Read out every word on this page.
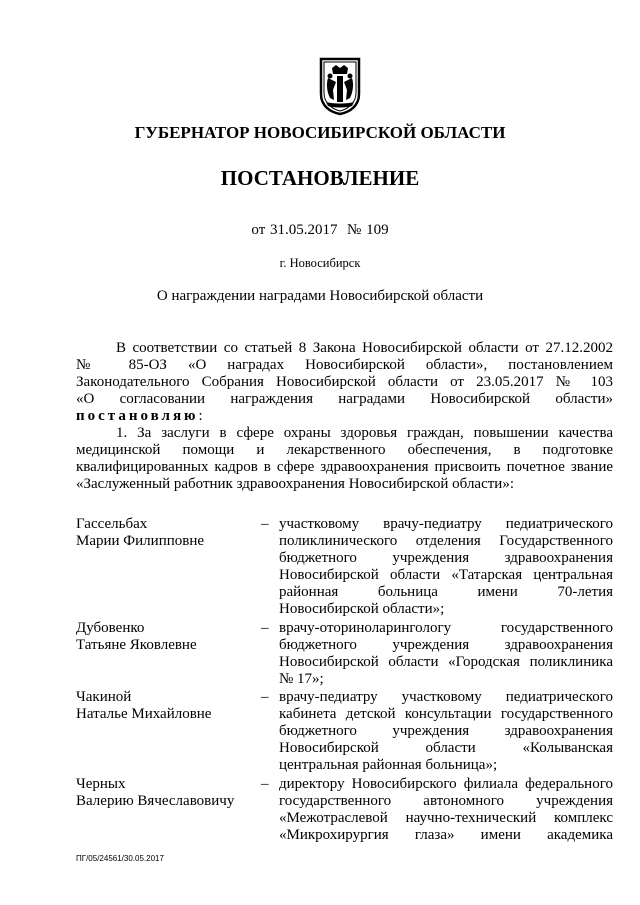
ГУБЕРНАТОР НОВОСИБИРСКОЙ ОБЛАСТИ
ПОСТАНОВЛЕНИЕ
от 31.05.2017  № 109
г. Новосибирск
О награждении наградами Новосибирской области
В соответствии со статьей 8 Закона Новосибирской области от 27.12.2002
№ 85-ОЗ «О наградах Новосибирской области», постановлением
Законодательного Собрания Новосибирской области от 23.05.2017 № 103
«О согласовании награждения наградами Новосибирской области»
постановляю:
1. За заслуги в сфере охраны здоровья граждан, повышении качества
медицинской помощи и лекарственного обеспечения, в подготовке
квалифицированных кадров в сфере здравоохранения присвоить почетное звание
«Заслуженный работник здравоохранения Новосибирской области»:
Гассельбах
Марии Филипповне
– участковому врачу-педиатру педиатрического
поликлинического отделения Государственного
бюджетного учреждения здравоохранения
Новосибирской области «Татарская центральная
районная больница имени 70-летия
Новосибирской области»;
Дубовенко
Татьяне Яковлевне
– врачу-оториноларингологу государственного
бюджетного учреждения здравоохранения
Новосибирской области «Городская поликлиника
№ 17»;
Чакиной
Наталье Михайловне
– врачу-педиатру участковому педиатрического
кабинета детской консультации государственного
бюджетного учреждения здравоохранения
Новосибирской области «Колыванская
центральная районная больница»;
Черных
Валерию Вячеславовичу
– директору Новосибирского филиала федерального
государственного автономного учреждения
«Межотраслевой научно-технический комплекс
«Микрохирургия глаза» имени академика
ПГ/05/24561/30.05.2017
